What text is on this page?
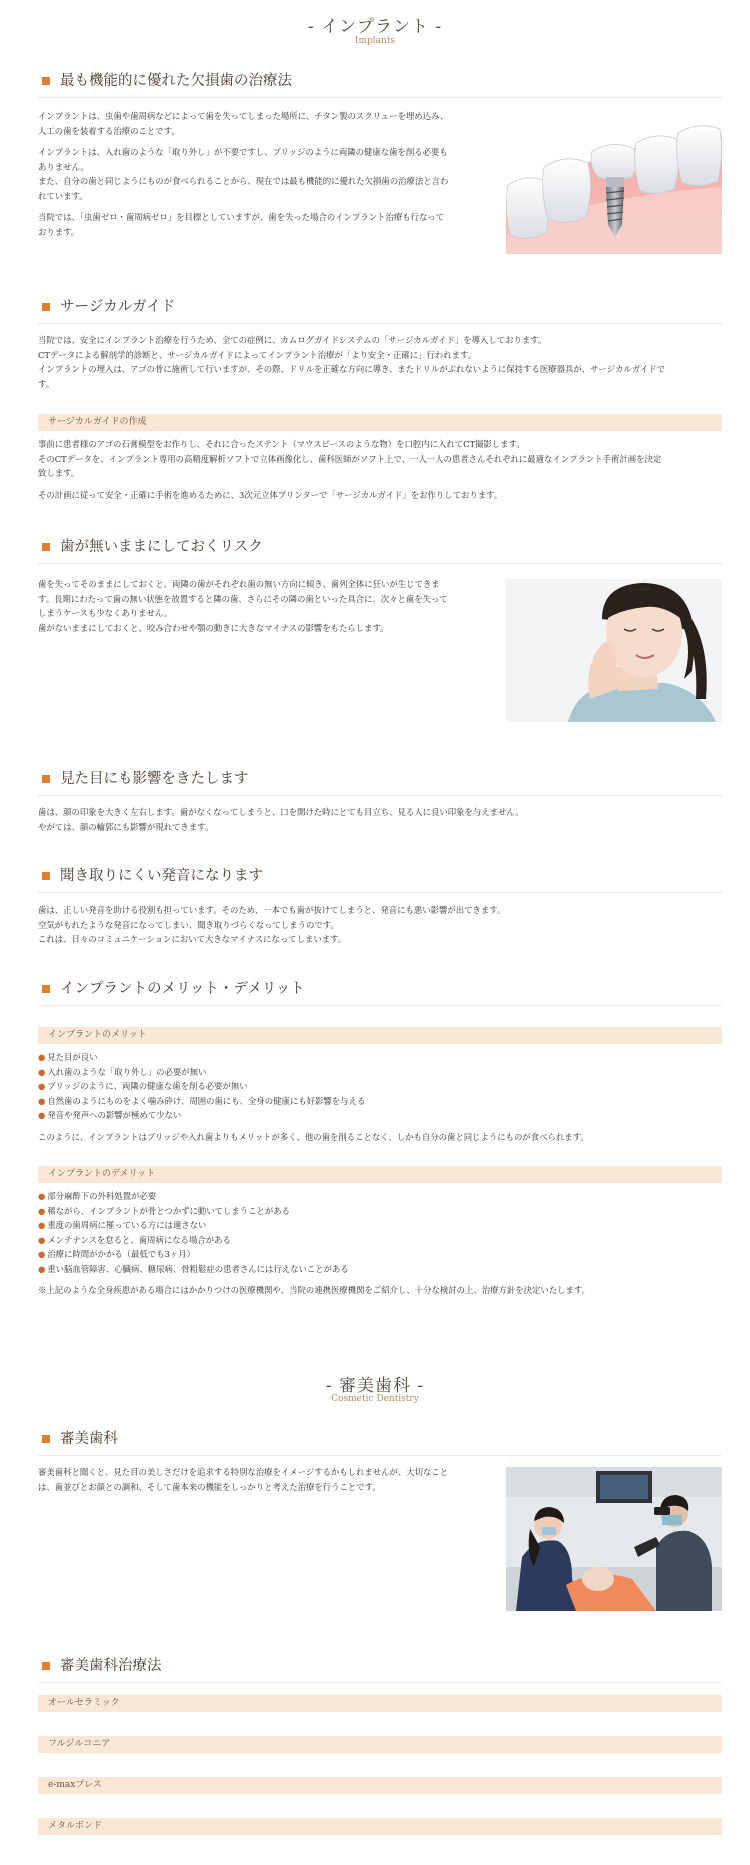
- インプラント -
Implants
最も機能的に優れた欠損歯の治療法
インプラントは、虫歯や歯周病などによって歯を失ってしまった場所に、チタン製のスクリューを埋め込み、
人工の歯を装着する治療のことです。
インプラントは、入れ歯のような「取り外し」が不要ですし、ブリッジのように両隣の健康な歯を削る必要も
ありません。
また、自分の歯と同じようにものが食べられることから、現在では最も機能的に優れた欠損歯の治療法と言わ
れています。
当院では、「虫歯ゼロ・歯周病ゼロ」を目標としていますが、歯を失った場合のインプラント治療も行なって
おります。
サージカルガイド
当院では、安全にインプラント治療を行うため、全ての症例に、カムログガイドシステムの「サージカルガイド」を導入しております。
CTデータによる解剖学的診断と、サージカルガイドによってインプラント治療が「より安全・正確に」行われます。
インプラントの埋入は、アゴの骨に施術して行いますが、その際、ドリルを正確な方向に導き、またドリルがぶれないように保持する医療器具が、サージカルガイドで
す。
サージカルガイドの作成
事前に患者様のアゴの石膏模型をお作りし、それに合ったステント（マウスピースのような物）を口腔内に入れてCT撮影します。
そのCTデータを、インプラント専用の高精度解析ソフトで立体画像化し、歯科医師がソフト上で、一人一人の患者さんそれぞれに最適なインプラント手術計画を決定
致します。
その計画に従って安全・正確に手術を進めるために、3次元立体プリンターで「サージカルガイド」をお作りしております。
歯が無いままにしておくリスク
歯を失ってそのままにしておくと、両隣の歯がそれぞれ歯の無い方向に傾き、歯列全体に狂いが生じてきま
す。長期にわたって歯の無い状態を放置すると隣の歯、さらにその隣の歯といった具合に、次々と歯を失って
しまうケースも少なくありません。
歯がないままにしておくと、咬み合わせや顎の動きに大きなマイナスの影響をもたらします。
見た目にも影響をきたします
歯は、顔の印象を大きく左右します。歯がなくなってしまうと、口を開けた時にとても目立ち、見る人に良い印象を与えません。
やがては、顔の輪郭にも影響が現れてきます。
聞き取りにくい発音になります
歯は、正しい発音を助ける役割も担っています。そのため、一本でも歯が抜けてしまうと、発音にも悪い影響が出てきます。
空気がもれたような発音になってしまい、聞き取りづらくなってしまうのです。
これは、日々のコミュニケーションにおいて大きなマイナスになってしまいます。
インプラントのメリット・デメリット
インプラントのメリット
● 見た目が良い
● 入れ歯のような「取り外し」の必要が無い
● ブリッジのように、両隣の健康な歯を削る必要が無い
● 自然歯のようにものをよく噛み砕け、周囲の歯にも、全身の健康にも好影響を与える
● 発音や発声への影響が極めて少ない
このように、インプラントはブリッジや入れ歯よりもメリットが多く、他の歯を削ることなく、しかも自分の歯と同じようにものが食べられます。
インプラントのデメリット
● 部分麻酔下の外科処置が必要
● 稀ながら、インプラントが骨とつかずに動いてしまうことがある
● 重度の歯周病に罹っている方には適さない
● メンテナンスを怠ると、歯周病になる場合がある
● 治療に時間がかかる（最低でも3ヶ月）
● 重い脳血管障害、心臓病、糖尿病、骨粗鬆症の患者さんには行えないことがある
※上記のような全身疾患がある場合にはかかりつけの医療機関や、当院の連携医療機関をご紹介し、十分な検討の上、治療方針を決定いたします。
- 審美歯科 -
Cosmetic Dentistry
審美歯科
審美歯科と聞くと、見た目の美しさだけを追求する特別な治療をイメージするかもしれませんが、大切なこと
は、歯並びとお顔との調和、そして歯本来の機能をしっかりと考えた治療を行うことです。
審美歯科治療法
オールセラミック
フルジルコニア
e-maxプレス
メタルボンド
